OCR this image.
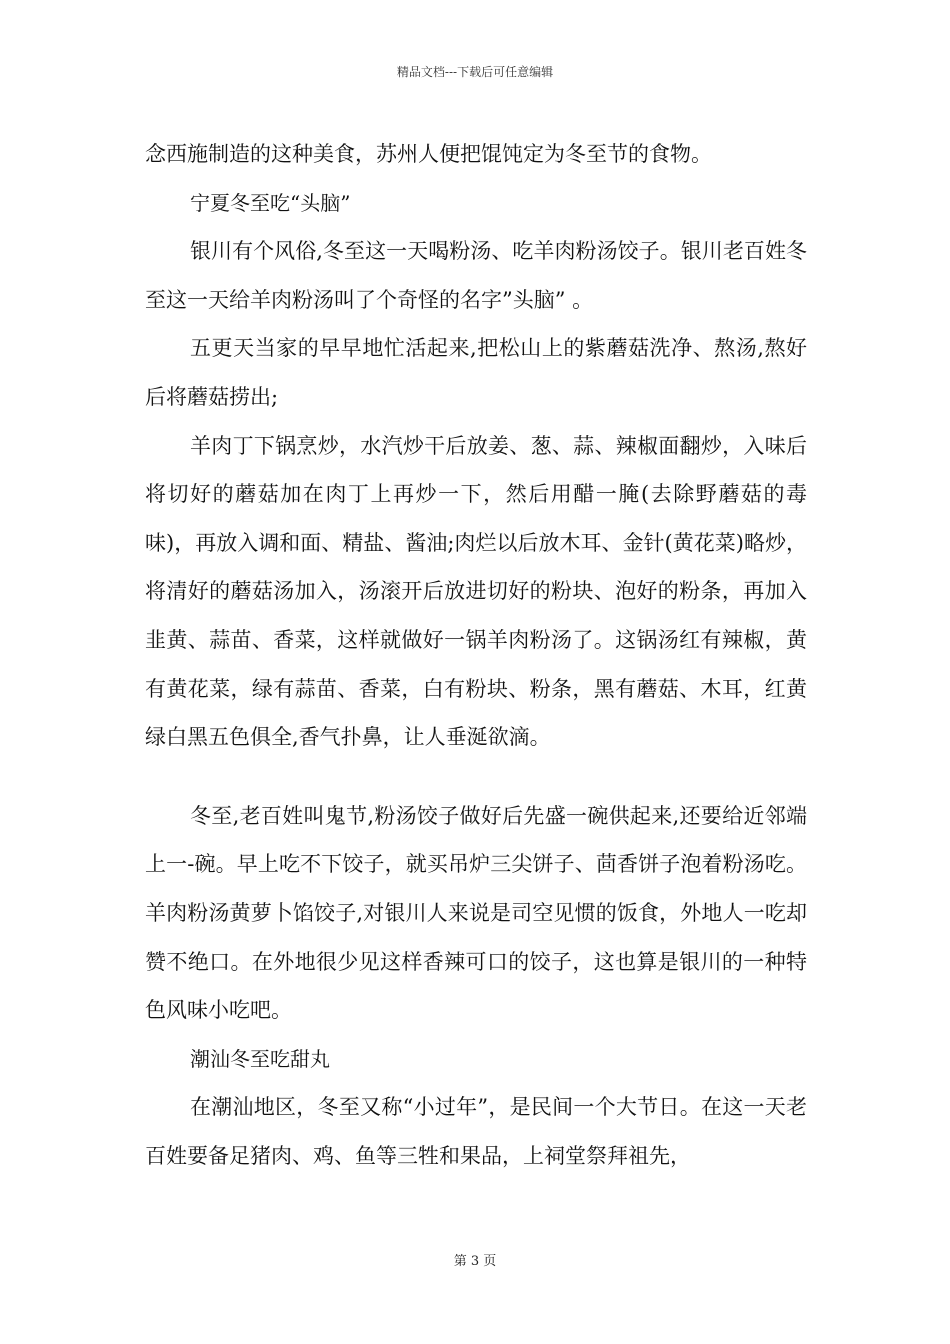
精品文档---下载后可任意编辑

念西施制造的这种美食，苏州人便把馄饨定为冬至节的食物。

宁夏冬至吃“头脑”

银川有个风俗,冬至这一天喝粉汤、吃羊肉粉汤饺子。银川老百姓冬至这一天给羊肉粉汤叫了个奇怪的名字”头脑” 。

五更天当家的早早地忙活起来,把松山上的紫蘑菇洗净、熬汤,熬好后将蘑菇捞出;

羊肉丁下锅烹炒，水汽炒干后放姜、葱、蒜、辣椒面翻炒，入味后将切好的蘑菇加在肉丁上再炒一下，然后用醋一腌(去除野蘑菇的毒味)，再放入调和面、精盐、酱油;肉烂以后放木耳、金针(黄花菜)略炒，将清好的蘑菇汤加入，汤滚开后放进切好的粉块、泡好的粉条，再加入韭黄、蒜苗、香菜，这样就做好一锅羊肉粉汤了。这锅汤红有辣椒，黄有黄花菜，绿有蒜苗、香菜，白有粉块、粉条，黑有蘑菇、木耳，红黄绿白黑五色俱全,香气扑鼻，让人垂涎欲滴。

冬至,老百姓叫鬼节,粉汤饺子做好后先盛一碗供起来,还要给近邻端上一-碗。早上吃不下饺子，就买吊炉三尖饼子、茴香饼子泡着粉汤吃。羊肉粉汤黄萝卜馅饺子,对银川人来说是司空见惯的饭食，外地人一吃却赞不绝口。在外地很少见这样香辣可口的饺子，这也算是银川的一种特色风味小吃吧。

潮汕冬至吃甜丸

在潮汕地区，冬至又称“小过年”，是民间一个大节日。在这一天老百姓要备足猪肉、鸡、鱼等三牲和果品，上祠堂祭拜祖先，

第 3 页
